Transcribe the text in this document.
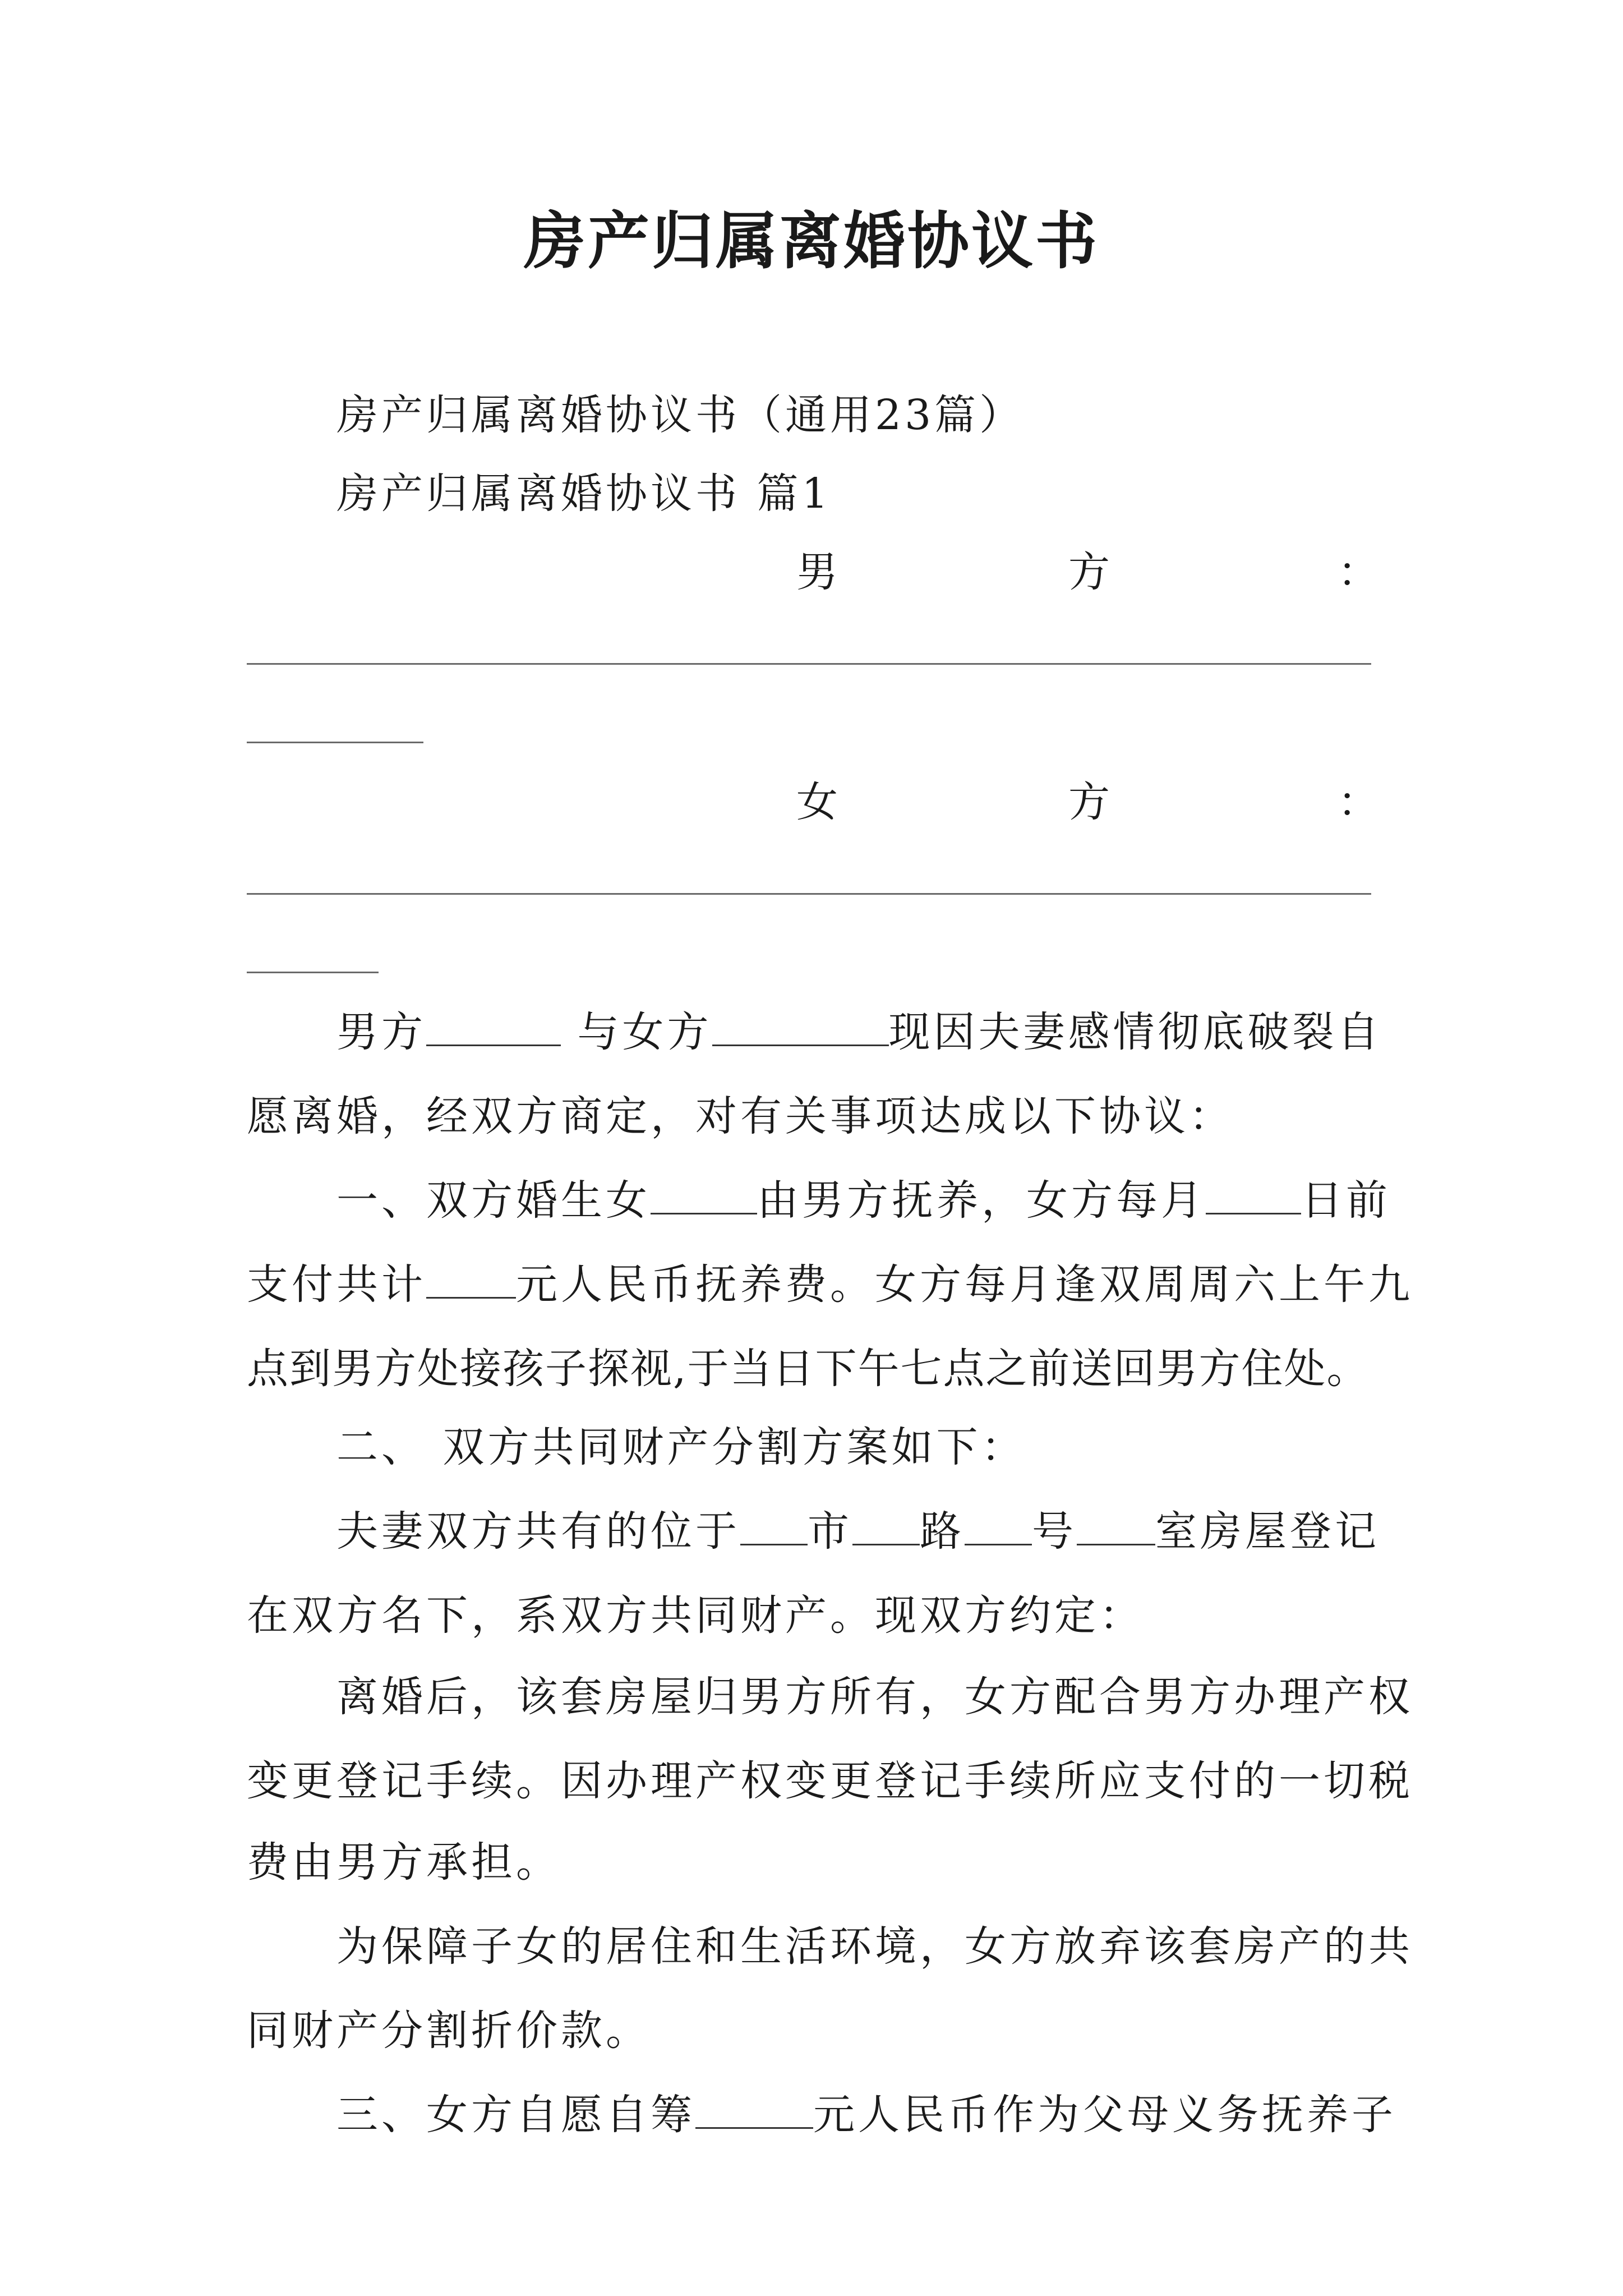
房产归属离婚协议书
房产归属离婚协议书（通用23篇）
房产归属离婚协议书 篇1
男	方	：
女	方	：
男方	与女方	现因夫妻感情彻底破裂自
愿离婚，经双方商定，对有关事项达成以下协议：
一、双方婚生女	由男方抚养，女方每月 日前
支付共计 元人民币抚养费。女方每月逢双周周六上午九
点到男方处接孩子探视,于当日下午七点之前送回男方住处。
二、 双方共同财产分割方案如下：
夫妻双方共有的位于 市 路 号 室房屋登记
在双方名下，系双方共同财产。现双方约定：
离婚后，该套房屋归男方所有，女方配合男方办理产权
变更登记手续。因办理产权变更登记手续所应支付的一切税
费由男方承担。
为保障子女的居住和生活环境，女方放弃该套房产的共
同财产分割折价款。
三、女方自愿自筹	元人民币作为父母义务抚养子
